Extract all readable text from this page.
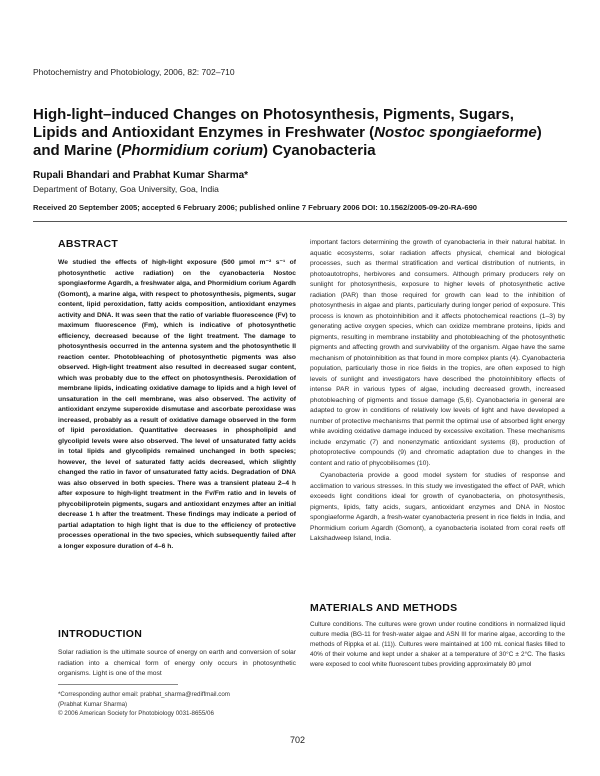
Photochemistry and Photobiology, 2006, 82: 702–710
High-light–induced Changes on Photosynthesis, Pigments, Sugars, Lipids and Antioxidant Enzymes in Freshwater (Nostoc spongiaeforme) and Marine (Phormidium corium) Cyanobacteria
Rupali Bhandari and Prabhat Kumar Sharma*
Department of Botany, Goa University, Goa, India
Received 20 September 2005; accepted 6 February 2006; published online 7 February 2006 DOI: 10.1562/2005-09-20-RA-690
ABSTRACT
We studied the effects of high-light exposure (500 μmol m⁻² s⁻¹ of photosynthetic active radiation) on the cyanobacteria Nostoc spongiaeforme Agardh, a freshwater alga, and Phormidium corium Agardh (Gomont), a marine alga, with respect to photosynthesis, pigments, sugar content, lipid peroxidation, fatty acids composition, antioxidant enzymes activity and DNA. It was seen that the ratio of variable fluorescence (Fv) to maximum fluorescence (Fm), which is indicative of photosynthetic efficiency, decreased because of the light treatment. The damage to photosynthesis occurred in the antenna system and the photosynthetic II reaction center. Photobleaching of photosynthetic pigments was also observed. High-light treatment also resulted in decreased sugar content, which was probably due to the effect on photosynthesis. Peroxidation of membrane lipids, indicating oxidative damage to lipids and a high level of unsaturation in the cell membrane, was also observed. The activity of antioxidant enzyme superoxide dismutase and ascorbate peroxidase was increased, probably as a result of oxidative damage observed in the form of lipid peroxidation. Quantitative decreases in phospholipid and glycolipid levels were also observed. The level of unsaturated fatty acids in total lipids and glycolipids remained unchanged in both species; however, the level of saturated fatty acids decreased, which slightly changed the ratio in favor of unsaturated fatty acids. Degradation of DNA was also observed in both species. There was a transient plateau 2–4 h after exposure to high-light treatment in the Fv/Fm ratio and in levels of phycobiliprotein pigments, sugars and antioxidant enzymes after an initial decrease 1 h after the treatment. These findings may indicate a period of partial adaptation to high light that is due to the efficiency of protective processes operational in the two species, which subsequently failed after a longer exposure duration of 4–6 h.
INTRODUCTION
Solar radiation is the ultimate source of energy on earth and conversion of solar radiation into a chemical form of energy only occurs in photosynthetic organisms. Light is one of the most
*Corresponding author email: prabhat_sharma@rediffmail.com
(Prabhat Kumar Sharma)
© 2006 American Society for Photobiology 0031-8655/06

important factors determining the growth of cyanobacteria in their natural habitat. In aquatic ecosystems, solar radiation affects physical, chemical and biological processes, such as thermal stratification and vertical distribution of nutrients, in photoautotrophs, herbivores and consumers. Although primary producers rely on sunlight for photosynthesis, exposure to higher levels of photosynthetic active radiation (PAR) than those required for growth can lead to the inhibition of photosynthesis in algae and plants, particularly during longer period of exposure. This process is known as photoinhibition and it affects photochemical reactions (1–3) by generating active oxygen species, which can oxidize membrane proteins, lipids and pigments, resulting in membrane instability and photobleaching of the photosynthetic pigments and affecting growth and survivability of the organism. Algae have the same mechanism of photoinhibition as that found in more complex plants (4). Cyanobacteria population, particularly those in rice fields in the tropics, are often exposed to high levels of sunlight and investigators have described the photoinhibitory effects of intense PAR in various types of algae, including decreased growth, increased photobleaching of pigments and tissue damage (5,6). Cyanobacteria in general are adapted to grow in conditions of relatively low levels of light and have developed a number of protective mechanisms that permit the optimal use of absorbed light energy while avoiding oxidative damage induced by excessive excitation. These mechanisms include enzymatic (7) and nonenzymatic antioxidant systems (8), production of photoprotective compounds (9) and chromatic adaptation due to changes in the content and ratio of phycobilisomes (10).

Cyanobacteria provide a good model system for studies of response and acclimation to various stresses. In this study we investigated the effect of PAR, which exceeds light conditions ideal for growth of cyanobacteria, on photosynthesis, pigments, lipids, fatty acids, sugars, antioxidant enzymes and DNA in Nostoc spongiaeforme Agardh, a fresh-water cyanobacteria present in rice fields in India, and Phormidium corium Agardh (Gomont), a cyanobacteria isolated from coral reefs off Lakshadweep Island, India.

MATERIALS AND METHODS
Culture conditions. The cultures were grown under routine conditions in normalized liquid culture media (BG-11 for fresh-water algae and ASN III for marine algae, according to the methods of Rippka et al. (11)). Cultures were maintained at 100 mL conical flasks filled to 40% of their volume and kept under a shaker at a temperature of 30°C ± 2°C. The flasks were exposed to cool white fluorescent tubes providing approximately 80 μmol
702
